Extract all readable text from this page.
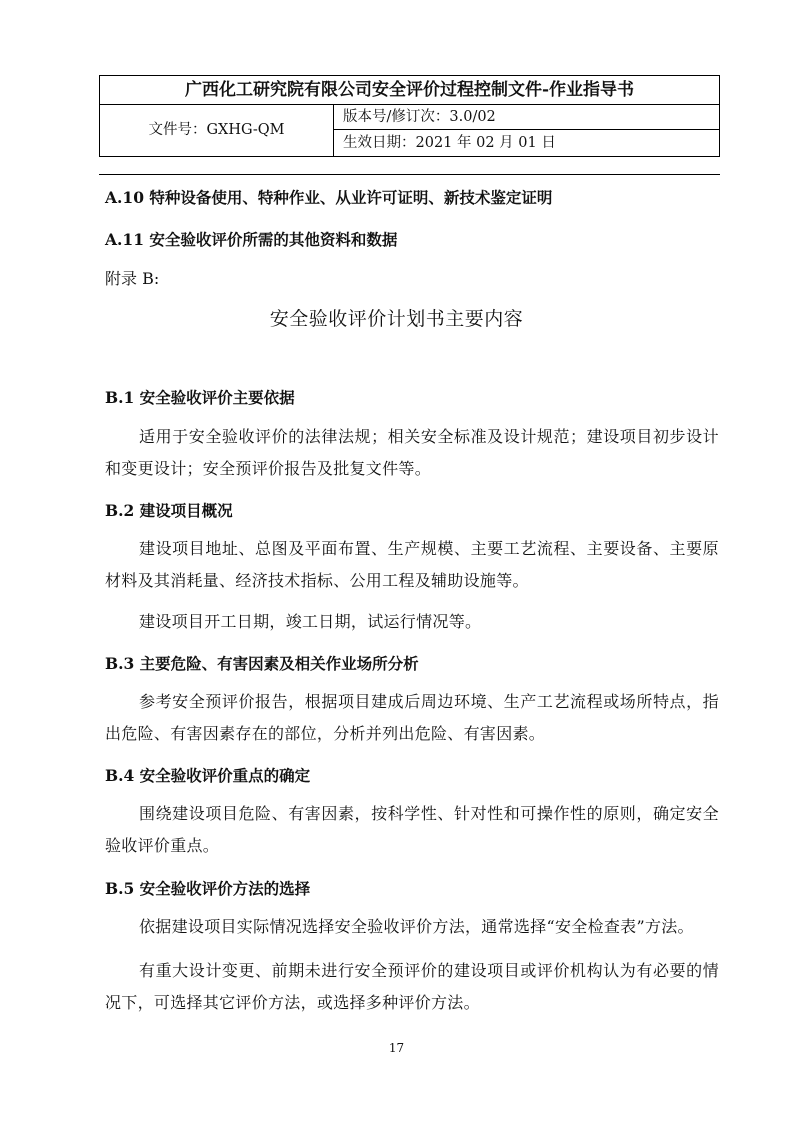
广西化工研究院有限公司安全评价过程控制文件-作业指导书
文件号：GXHG-QM
版本号/修订次：3.0/02
生效日期：2021 年 02 月 01 日
A.10 特种设备使用、特种作业、从业许可证明、新技术鉴定证明
A.11 安全验收评价所需的其他资料和数据
附录 B:
安全验收评价计划书主要内容
B.1 安全验收评价主要依据
适用于安全验收评价的法律法规；相关安全标准及设计规范；建设项目初步设计和变更设计；安全预评价报告及批复文件等。
B.2 建设项目概况
建设项目地址、总图及平面布置、生产规模、主要工艺流程、主要设备、主要原材料及其消耗量、经济技术指标、公用工程及辅助设施等。
建设项目开工日期，竣工日期，试运行情况等。
B.3 主要危险、有害因素及相关作业场所分析
参考安全预评价报告，根据项目建成后周边环境、生产工艺流程或场所特点，指出危险、有害因素存在的部位，分析并列出危险、有害因素。
B.4 安全验收评价重点的确定
围绕建设项目危险、有害因素，按科学性、针对性和可操作性的原则，确定安全验收评价重点。
B.5 安全验收评价方法的选择
依据建设项目实际情况选择安全验收评价方法，通常选择“安全检查表”方法。
有重大设计变更、前期未进行安全预评价的建设项目或评价机构认为有必要的情况下，可选择其它评价方法，或选择多种评价方法。
17
